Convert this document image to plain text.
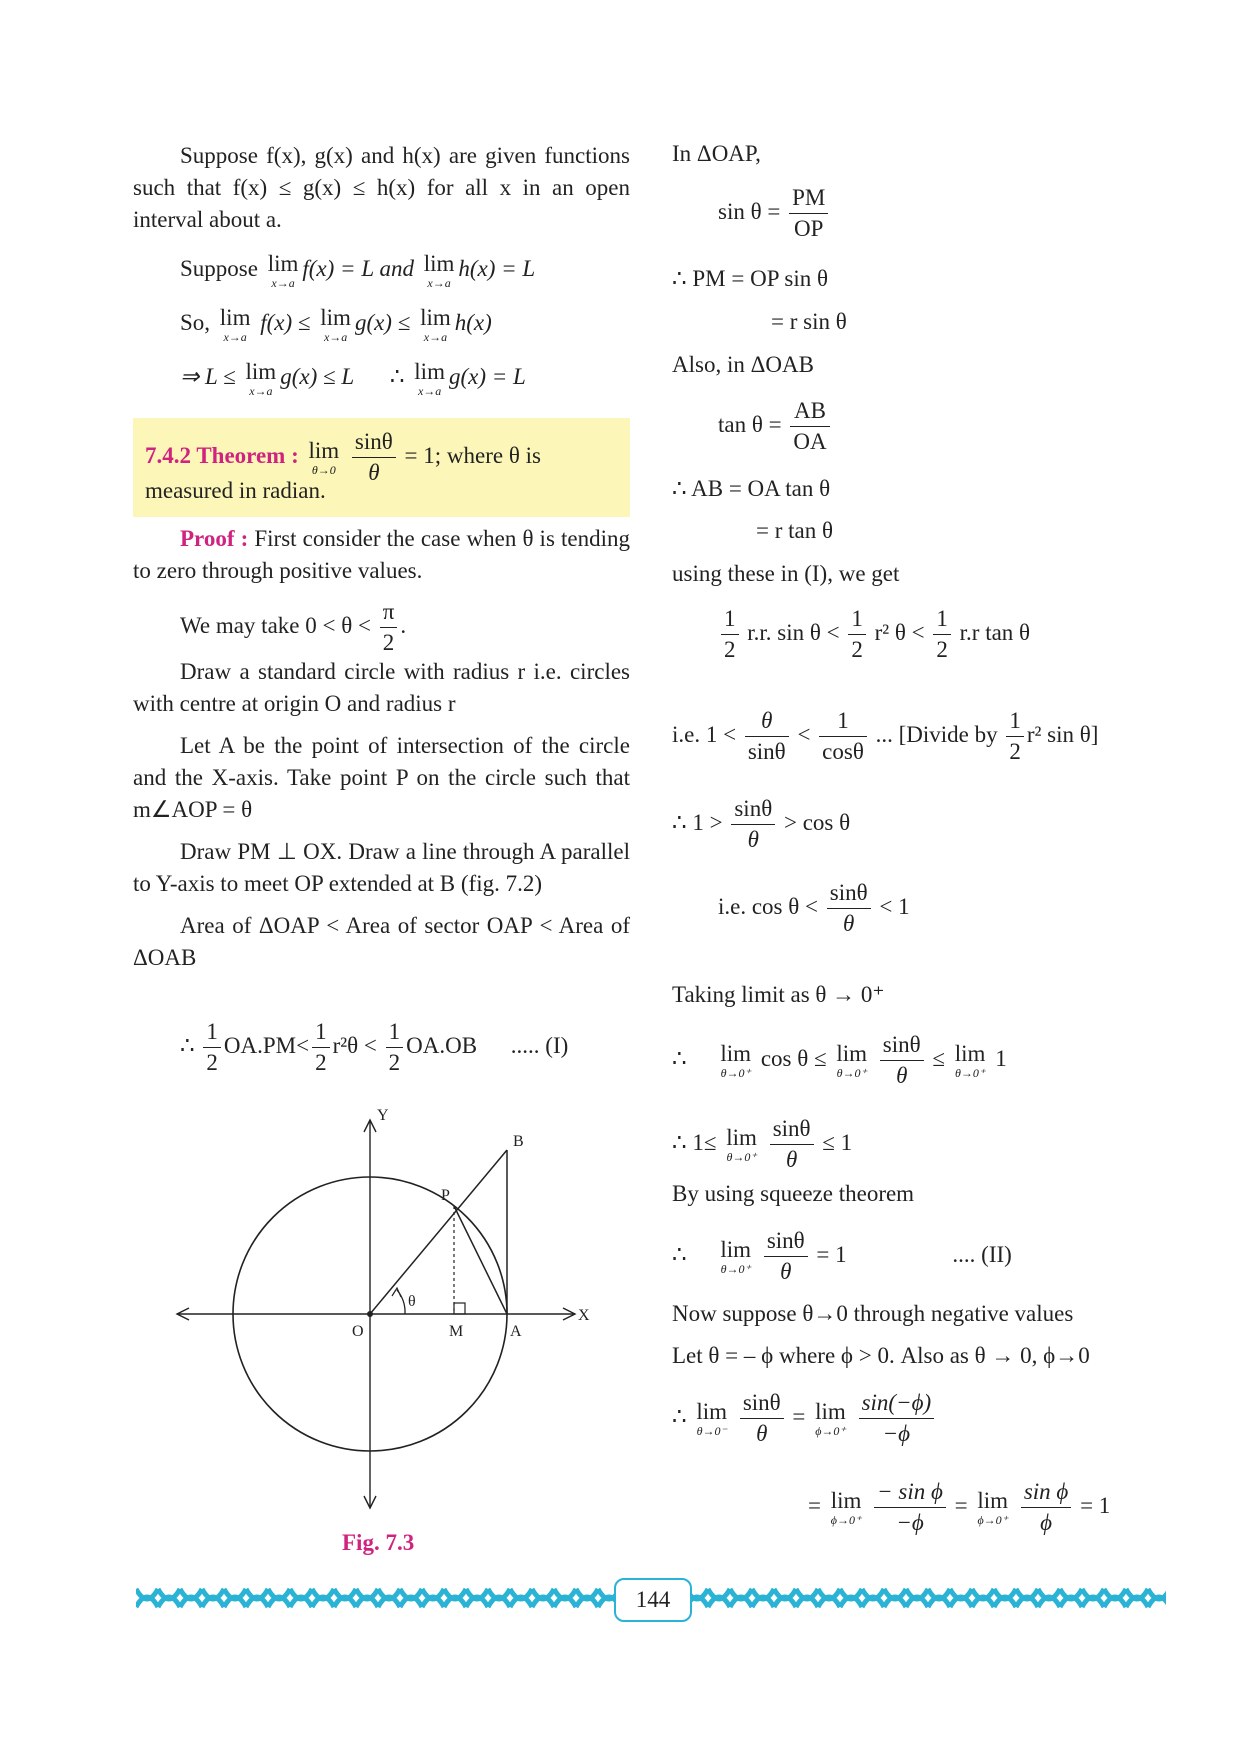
Suppose f(x), g(x) and h(x) are given functions such that f(x) ≤ g(x) ≤ h(x) for all x in an open interval about a.

Suppose lim
x→a
f(x) = L and lim
x→a
h(x) = L
So, lim
x→a
f(x) ≤ lim
x→a
g(x) ≤ lim
x→a
h(x)
⇒ L ≤ lim
x→a
g(x) ≤ L ∴ lim
x→a
g(x) = L
7.4.2 Theorem : lim
θ→0
$\frac{\sin\theta}{\theta} = 1$; where θ is
measured in radian.

Proof : First consider the case when θ is tending to zero through positive values.

We may take $0 < \theta < \frac{\pi}{2}$ .

Draw a standard circle with radius r i.e. circles with centre at origin O and radius r

Let A be the point of intersection of the circle and the X-axis. Take point P on the circle such that m∠AOP = θ

Draw PM ⊥ OX. Draw a line through A parallel to Y-axis to meet OP extended at B (fig. 7.2)

Area of ΔOAP < Area of sector OAP < Area of ΔOAB

∴ $\frac{1}{2} OA.PM< \frac{1}{2} r^2\theta < \frac{1}{2} OA.OB$ ..... (I)
Y
B
P
θ
O	M	A
X
Fig. 7.3
In ΔOAP,
$\sin \theta = \frac{PM}{OP}$
∴ PM = OP sin θ
= r sin θ
Also, in ΔOAB
$\tan \theta = \frac{AB}{OA}$
∴ AB = OA tan θ
= r tan θ
using these in (I), we get
$\frac{1}{2} r.r$. $\sin \theta < \frac{1}{2} r^2$ $\theta < \frac{1}{2} r.r$ tan θ
i.e. $1 < \frac{\theta}{\sin\theta} < \frac{1}{\cos\theta}$ ... [Divide by $\frac{1}{2} r^2$ sin θ]
∴ $1 > \frac{\sin\theta}{\theta} > \cos \theta$
i.e. $\cos \theta < \frac{\sin\theta}{\theta} < 1$
Taking limit as θ → 0⁺
∴ lim
θ→0⁺
cos θ ≤ lim
θ→0⁺
$\frac{\sin\theta}{\theta} \le \lim$
θ→0⁺
1
∴ 1≤ lim
θ→0⁺
$\frac{\sin\theta}{\theta} \le 1$
By using squeeze theorem
∴ lim
θ→0⁺
$\frac{\sin\theta}{\theta} = 1$	.... (II)
Now suppose θ→0 through negative values
Let θ = – ϕ where ϕ > 0. Also as θ → 0, ϕ→0
∴ lim
θ→0⁻
$\frac{\sin\theta}{\theta} = \lim$
ϕ→0⁺
$\frac{\sin(-\phi)}{-\phi}$
= lim
ϕ→0⁺
$\frac{\text{− sin ϕ}}{-\phi} = \lim$
ϕ→0⁺
$\frac{\text{sin ϕ}}{\phi} = 1$
144
